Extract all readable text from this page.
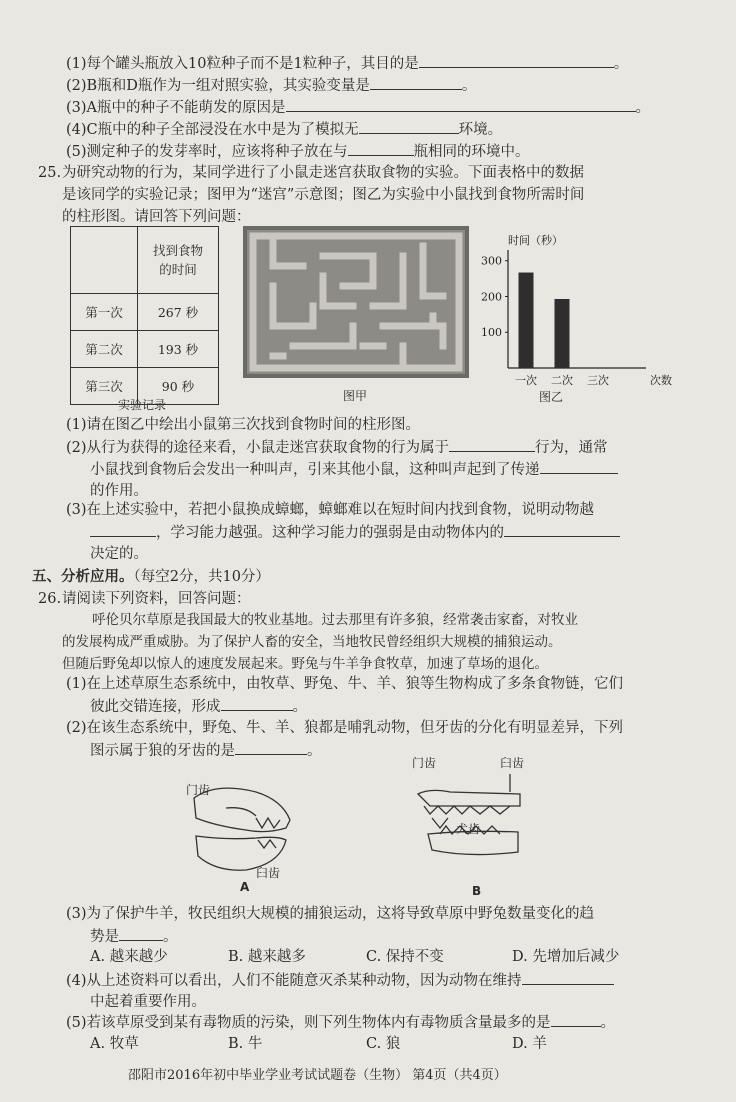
(1)每个罐头瓶放入10粒种子而不是1粒种子，其目的是	。
(2)B瓶和D瓶作为一组对照实验，其实验变量是	。
(3)A瓶中的种子不能萌发的原因是	。
(4)C瓶中的种子全部浸没在水中是为了模拟无	环境。
(5)测定种子的发芽率时，应该将种子放在与	瓶相同的环境中。
25. 为研究动物的行为，某同学进行了小鼠走迷宫获取食物的实验。下面表格中的数据
是该同学的实验记录；图甲为“迷宫”示意图；图乙为实验中小鼠找到食物所需时间
的柱形图。请回答下列问题：

	找到食物的时间

第一次	267 秒
第二次	193 秒
第三次	90 秒
实验记录
图甲
时间（秒）
100
200
300
一次 二次 三次	次数
图乙
(1)请在图乙中绘出小鼠第三次找到食物时间的柱形图。
(2)从行为获得的途径来看，小鼠走迷宫获取食物的行为属于	行为，通常
小鼠找到食物后会发出一种叫声，引来其他小鼠，这种叫声起到了传递
的作用。
(3)在上述实验中，若把小鼠换成蟑螂，蟑螂难以在短时间内找到食物，说明动物越
，学习能力越强。这种学习能力的强弱是由动物体内的
决定的。
五、分析应用。（每空2分，共10分）
26. 请阅读下列资料，回答问题：
呼伦贝尔草原是我国最大的牧业基地。过去那里有许多狼，经常袭击家畜，对牧业
的发展构成严重威胁。为了保护人畜的安全，当地牧民曾经组织大规模的捕狼运动。
但随后野兔却以惊人的速度发展起来。野兔与牛羊争食牧草，加速了草场的退化。
(1)在上述草原生态系统中，由牧草、野兔、牛、羊、狼等生物构成了多条食物链，它们
彼此交错连接，形成	。
(2)在该生态系统中，野兔、牛、羊、狼都是哺乳动物，但牙齿的分化有明显差异，下列
图示属于狼的牙齿的是	。
门齿
臼齿
A
门齿	臼齿
犬齿
B
(3)为了保护牛羊，牧民组织大规模的捕狼运动，这将导致草原中野兔数量变化的趋
势是	。
A. 越来越少	B. 越来越多	C. 保持不变	D. 先增加后减少
(4)从上述资料可以看出，人们不能随意灭杀某种动物，因为动物在维持
中起着重要作用。
(5)若该草原受到某有毒物质的污染，则下列生物体内有毒物质含量最多的是	。
A. 牧草	B. 牛	C. 狼	D. 羊
邵阳市2016年初中毕业学业考试试题卷（生物） 第4页（共4页）
